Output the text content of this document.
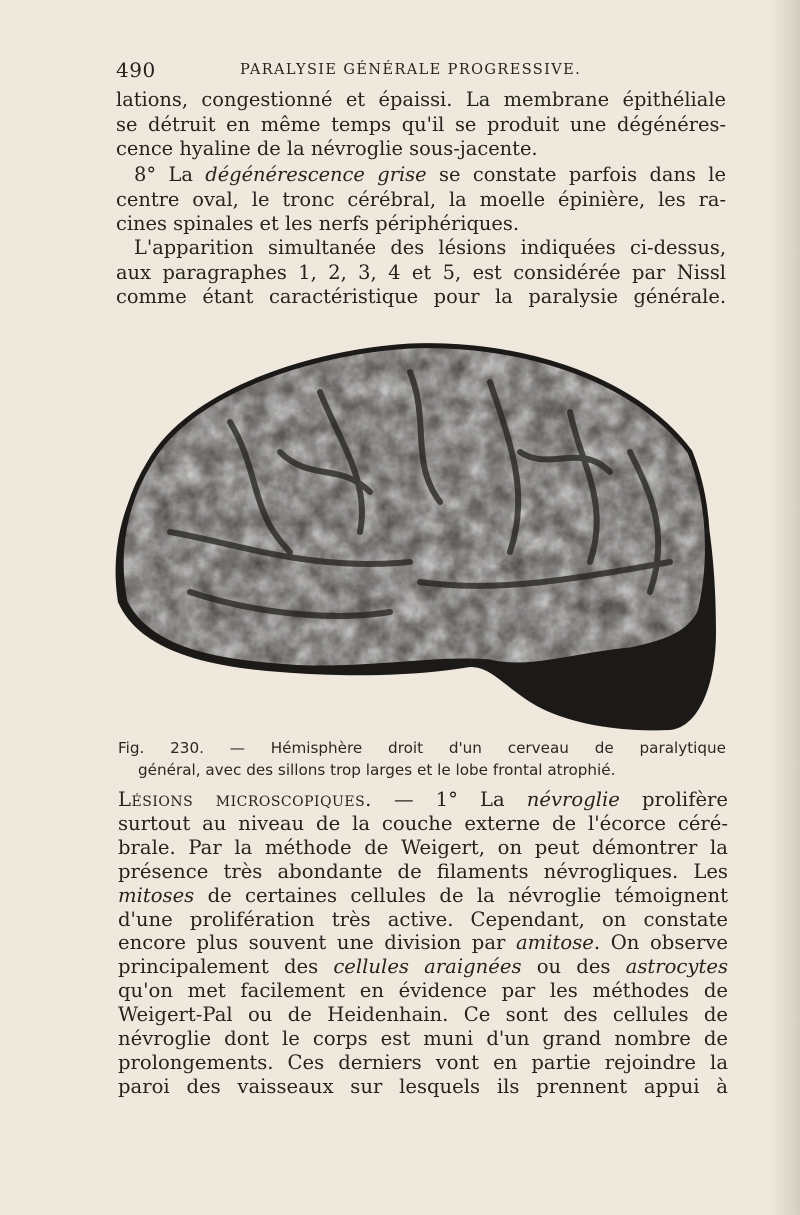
490	PARALYSIE GÉNÉRALE PROGRESSIVE.
lations, congestionné et épaissi. La membrane épithéliale
se détruit en même temps qu'il se produit une dégénéres-
cence hyaline de la névroglie sous-jacente.
8° La dégénérescence grise se constate parfois dans le
centre oval, le tronc cérébral, la moelle épinière, les ra-
cines spinales et les nerfs périphériques.
L'apparition simultanée des lésions indiquées ci-dessus,
aux paragraphes 1, 2, 3, 4 et 5, est considérée par Nissl
comme étant caractéristique pour la paralysie générale.
Fig. 230. — Hémisphère droit d'un cerveau de paralytique
général, avec des sillons trop larges et le lobe frontal atrophié.
Lésions microscopiques. — 1° La névroglie prolifère
surtout au niveau de la couche externe de l'écorce céré-
brale. Par la méthode de Weigert, on peut démontrer la
présence très abondante de filaments névrogliques. Les
mitoses de certaines cellules de la névroglie témoignent
d'une prolifération très active. Cependant, on constate
encore plus souvent une division par amitose. On observe
principalement des cellules araignées ou des astrocytes
qu'on met facilement en évidence par les méthodes de
Weigert-Pal ou de Heidenhain. Ce sont des cellules de
névroglie dont le corps est muni d'un grand nombre de
prolongements. Ces derniers vont en partie rejoindre la
paroi des vaisseaux sur lesquels ils prennent appui à
